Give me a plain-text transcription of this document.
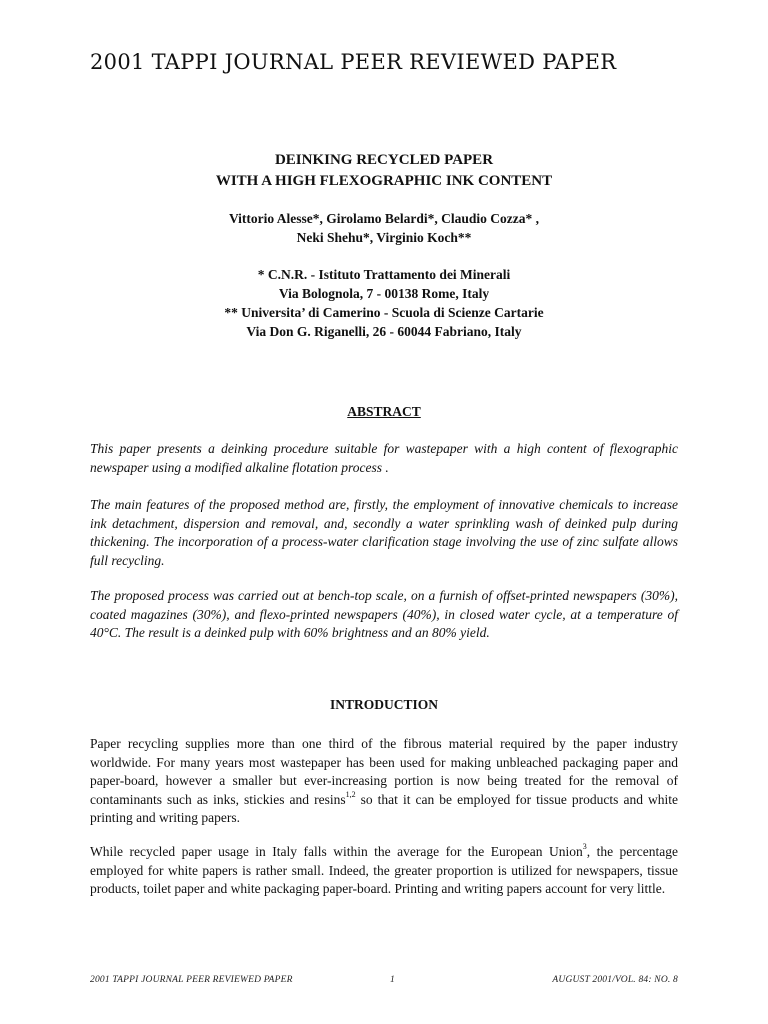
2001 TAPPI JOURNAL PEER REVIEWED PAPER
DEINKING RECYCLED PAPER
WITH A HIGH FLEXOGRAPHIC INK CONTENT
Vittorio Alesse*, Girolamo Belardi*, Claudio Cozza* ,
Neki Shehu*, Virginio Koch**
* C.N.R. - Istituto Trattamento dei Minerali
Via Bolognola, 7 - 00138 Rome, Italy
** Universita’ di Camerino - Scuola di Scienze Cartarie
Via Don G. Riganelli, 26 - 60044 Fabriano, Italy
ABSTRACT

This paper presents a deinking procedure suitable for wastepaper with a high content of flexographic newspaper using a modified alkaline flotation process .

The main features of the proposed method are, firstly, the employment of innovative chemicals to increase ink detachment, dispersion and removal, and, secondly a water sprinkling wash of deinked pulp during thickening. The incorporation of a process-water clarification stage involving the use of zinc sulfate allows full recycling.

The proposed process was carried out at bench-top scale, on a furnish of offset-printed newspapers (30%), coated magazines (30%), and flexo-printed newspapers (40%), in closed water cycle, at a temperature of 40°C. The result is a deinked pulp with 60% brightness and an 80% yield.

INTRODUCTION

Paper recycling supplies more than one third of the fibrous material required by the paper industry worldwide. For many years most wastepaper has been used for making unbleached packaging paper and paper-board, however a smaller but ever-increasing portion is now being treated for the removal of contaminants such as inks, stickies and resins$^{1,2}$ so that it can be employed for tissue products and white printing and writing papers.

While recycled paper usage in Italy falls within the average for the European Union$^3$, the percentage employed for white papers is rather small. Indeed, the greater proportion is utilized for newspapers, tissue products, toilet paper and white packaging paper-board. Printing and writing papers account for very little.

2001 TAPPI JOURNAL PEER REVIEWED PAPER	1	AUGUST 2001/VOL. 84: NO. 8
